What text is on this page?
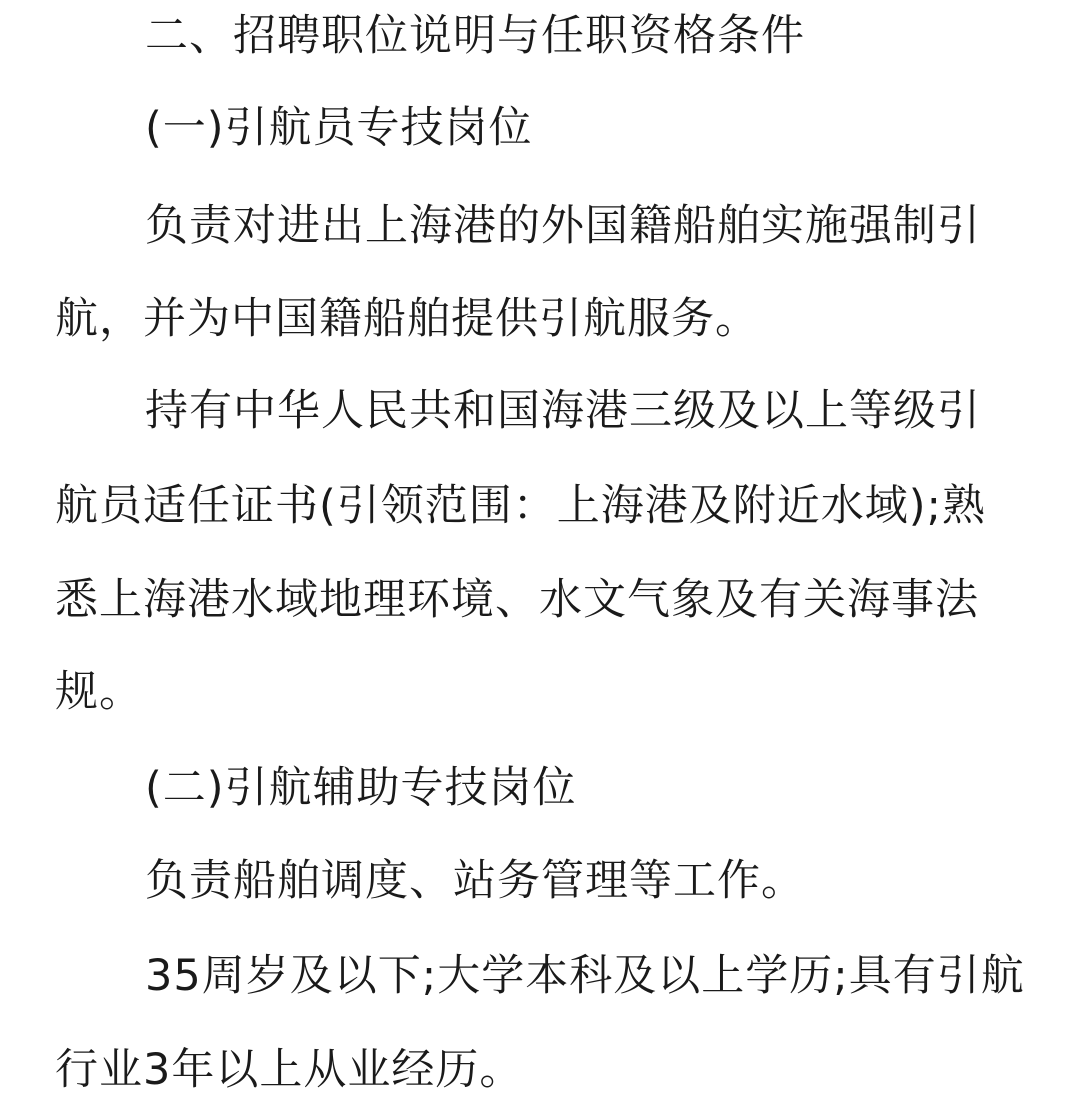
二、招聘职位说明与任职资格条件
(一)引航员专技岗位
负责对进出上海港的外国籍船舶实施强制引
航，并为中国籍船舶提供引航服务。
持有中华人民共和国海港三级及以上等级引
航员适任证书(引领范围：上海港及附近水域);熟
悉上海港水域地理环境、水文气象及有关海事法
规。
(二)引航辅助专技岗位
负责船舶调度、站务管理等工作。
35周岁及以下;大学本科及以上学历;具有引航
行业3年以上从业经历。
